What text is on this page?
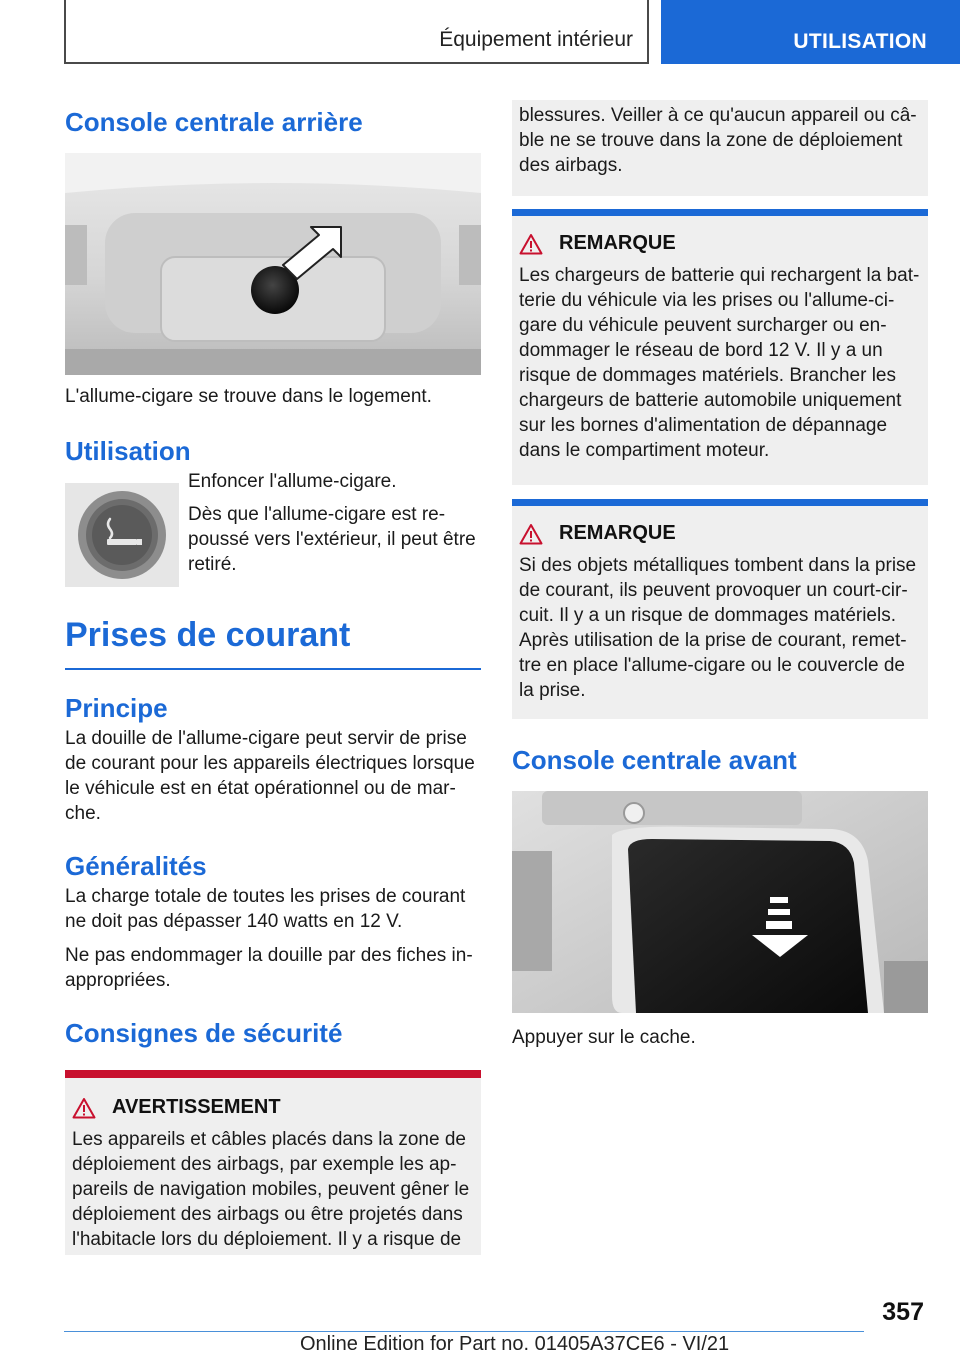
Équipement intérieur	UTILISATION
Console centrale arrière
L'allume-cigare se trouve dans le logement.
Utilisation
Enfoncer l'allume-cigare.
Dès que l'allume-cigare est repoussé vers l'extérieur, il peut être retiré.
Prises de courant
Principe
La douille de l'allume-cigare peut servir de prise de courant pour les appareils électriques lorsque le véhicule est en état opérationnel ou de marche.
Généralités
La charge totale de toutes les prises de courant ne doit pas dépasser 140 watts en 12 V.
Ne pas endommager la douille par des fiches inappropriées.
Consignes de sécurité
AVERTISSEMENT
Les appareils et câbles placés dans la zone de déploiement des airbags, par exemple les appareils de navigation mobiles, peuvent gêner le déploiement des airbags ou être projetés dans l'habitacle lors du déploiement. Il y a risque de
blessures. Veiller à ce qu'aucun appareil ou câble ne se trouve dans la zone de déploiement des airbags.
REMARQUE
Les chargeurs de batterie qui rechargent la batterie du véhicule via les prises ou l'allume-cigare du véhicule peuvent surcharger ou endommager le réseau de bord 12 V. Il y a un risque de dommages matériels. Brancher les chargeurs de batterie automobile uniquement sur les bornes d'alimentation de dépannage dans le compartiment moteur.
REMARQUE
Si des objets métalliques tombent dans la prise de courant, ils peuvent provoquer un court-circuit. Il y a un risque de dommages matériels. Après utilisation de la prise de courant, remettre en place l'allume-cigare ou le couvercle de la prise.
Console centrale avant
Appuyer sur le cache.
357
Online Edition for Part no. 01405A37CE6 - VI/21
